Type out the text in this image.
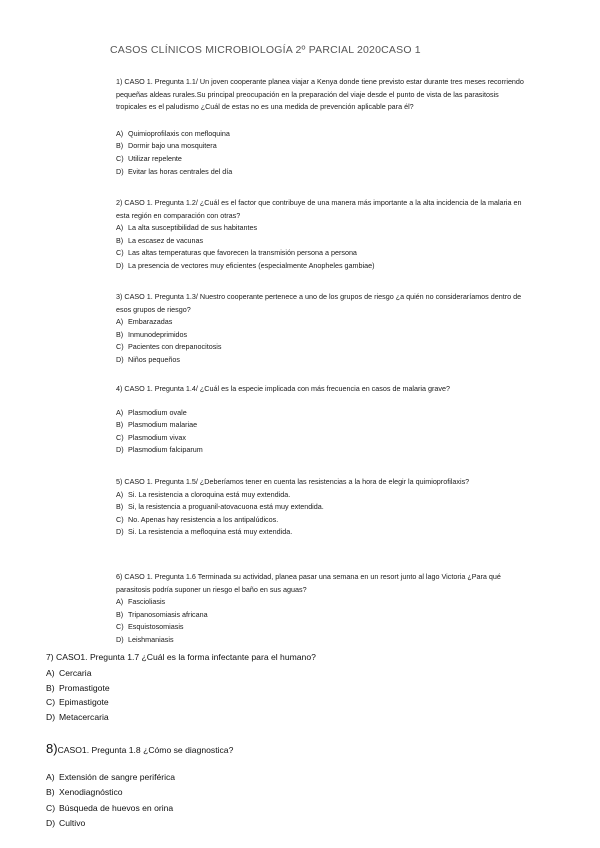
CASOS CLÍNICOS MICROBIOLOGÍA 2º PARCIAL 2020CASO 1

1) CASO 1. Pregunta 1.1/ Un joven cooperante planea viajar a Kenya donde tiene previsto estar durante tres meses recorriendo pequeñas aldeas rurales.Su principal preocupación en la preparación del viaje desde el punto de vista de las parasitosis tropicales es el paludismo ¿Cuál de estas no es una medida de prevención aplicable para él?

A) Quimioprofilaxis con mefloquina

B) Dormir bajo una mosquitera

C) Utilizar repelente

D) Evitar las horas centrales del día

2) CASO 1. Pregunta 1.2/ ¿Cuál es el factor que contribuye de una manera más importante a la alta incidencia de la malaria en esta región en comparación con otras?

A) La alta susceptibilidad de sus habitantes

B) La escasez de vacunas

C) Las altas temperaturas que favorecen la transmisión persona a persona

D) La presencia de vectores muy eficientes (especialmente Anopheles gambiae)

3) CASO 1. Pregunta 1.3/ Nuestro cooperante pertenece a uno de los grupos de riesgo ¿a quién no consideraríamos dentro de esos grupos de riesgo?

A) Embarazadas

B) Inmunodeprimidos

C) Pacientes con drepanocitosis

D) Niños pequeños

4) CASO 1. Pregunta 1.4/ ¿Cuál es la especie implicada con más frecuencia en casos de malaria grave?

A) Plasmodium ovale

B) Plasmodium malariae

C) Plasmodium vivax

D) Plasmodium falciparum

5) CASO 1. Pregunta 1.5/ ¿Deberíamos tener en cuenta las resistencias a la hora de elegir la quimioprofilaxis?

A) Si. La resistencia a cloroquina está muy extendida.

B) Si, la resistencia a proguanil-atovacuona está muy extendida.

C) No. Apenas hay resistencia a los antipalúdicos.

D) Si. La resistencia a mefloquina está muy extendida.

6) CASO 1. Pregunta 1.6 Terminada su actividad, planea pasar una semana en un resort junto al lago Victoria ¿Para qué parasitosis podría suponer un riesgo el baño en sus aguas?

A) Fascioliasis

B) Tripanosomiasis africana

C) Esquistosomiasis

D) Leishmaniasis

7) CASO1. Pregunta 1.7 ¿Cuál es la forma infectante para el humano?

A) Cercaria

B) Promastigote

C) Epimastigote

D) Metacercaria

8)CASO1. Pregunta 1.8 ¿Cómo se diagnostica?

A) Extensión de sangre periférica

B) Xenodiagnóstico

C) Búsqueda de huevos en orina

D) Cultivo
